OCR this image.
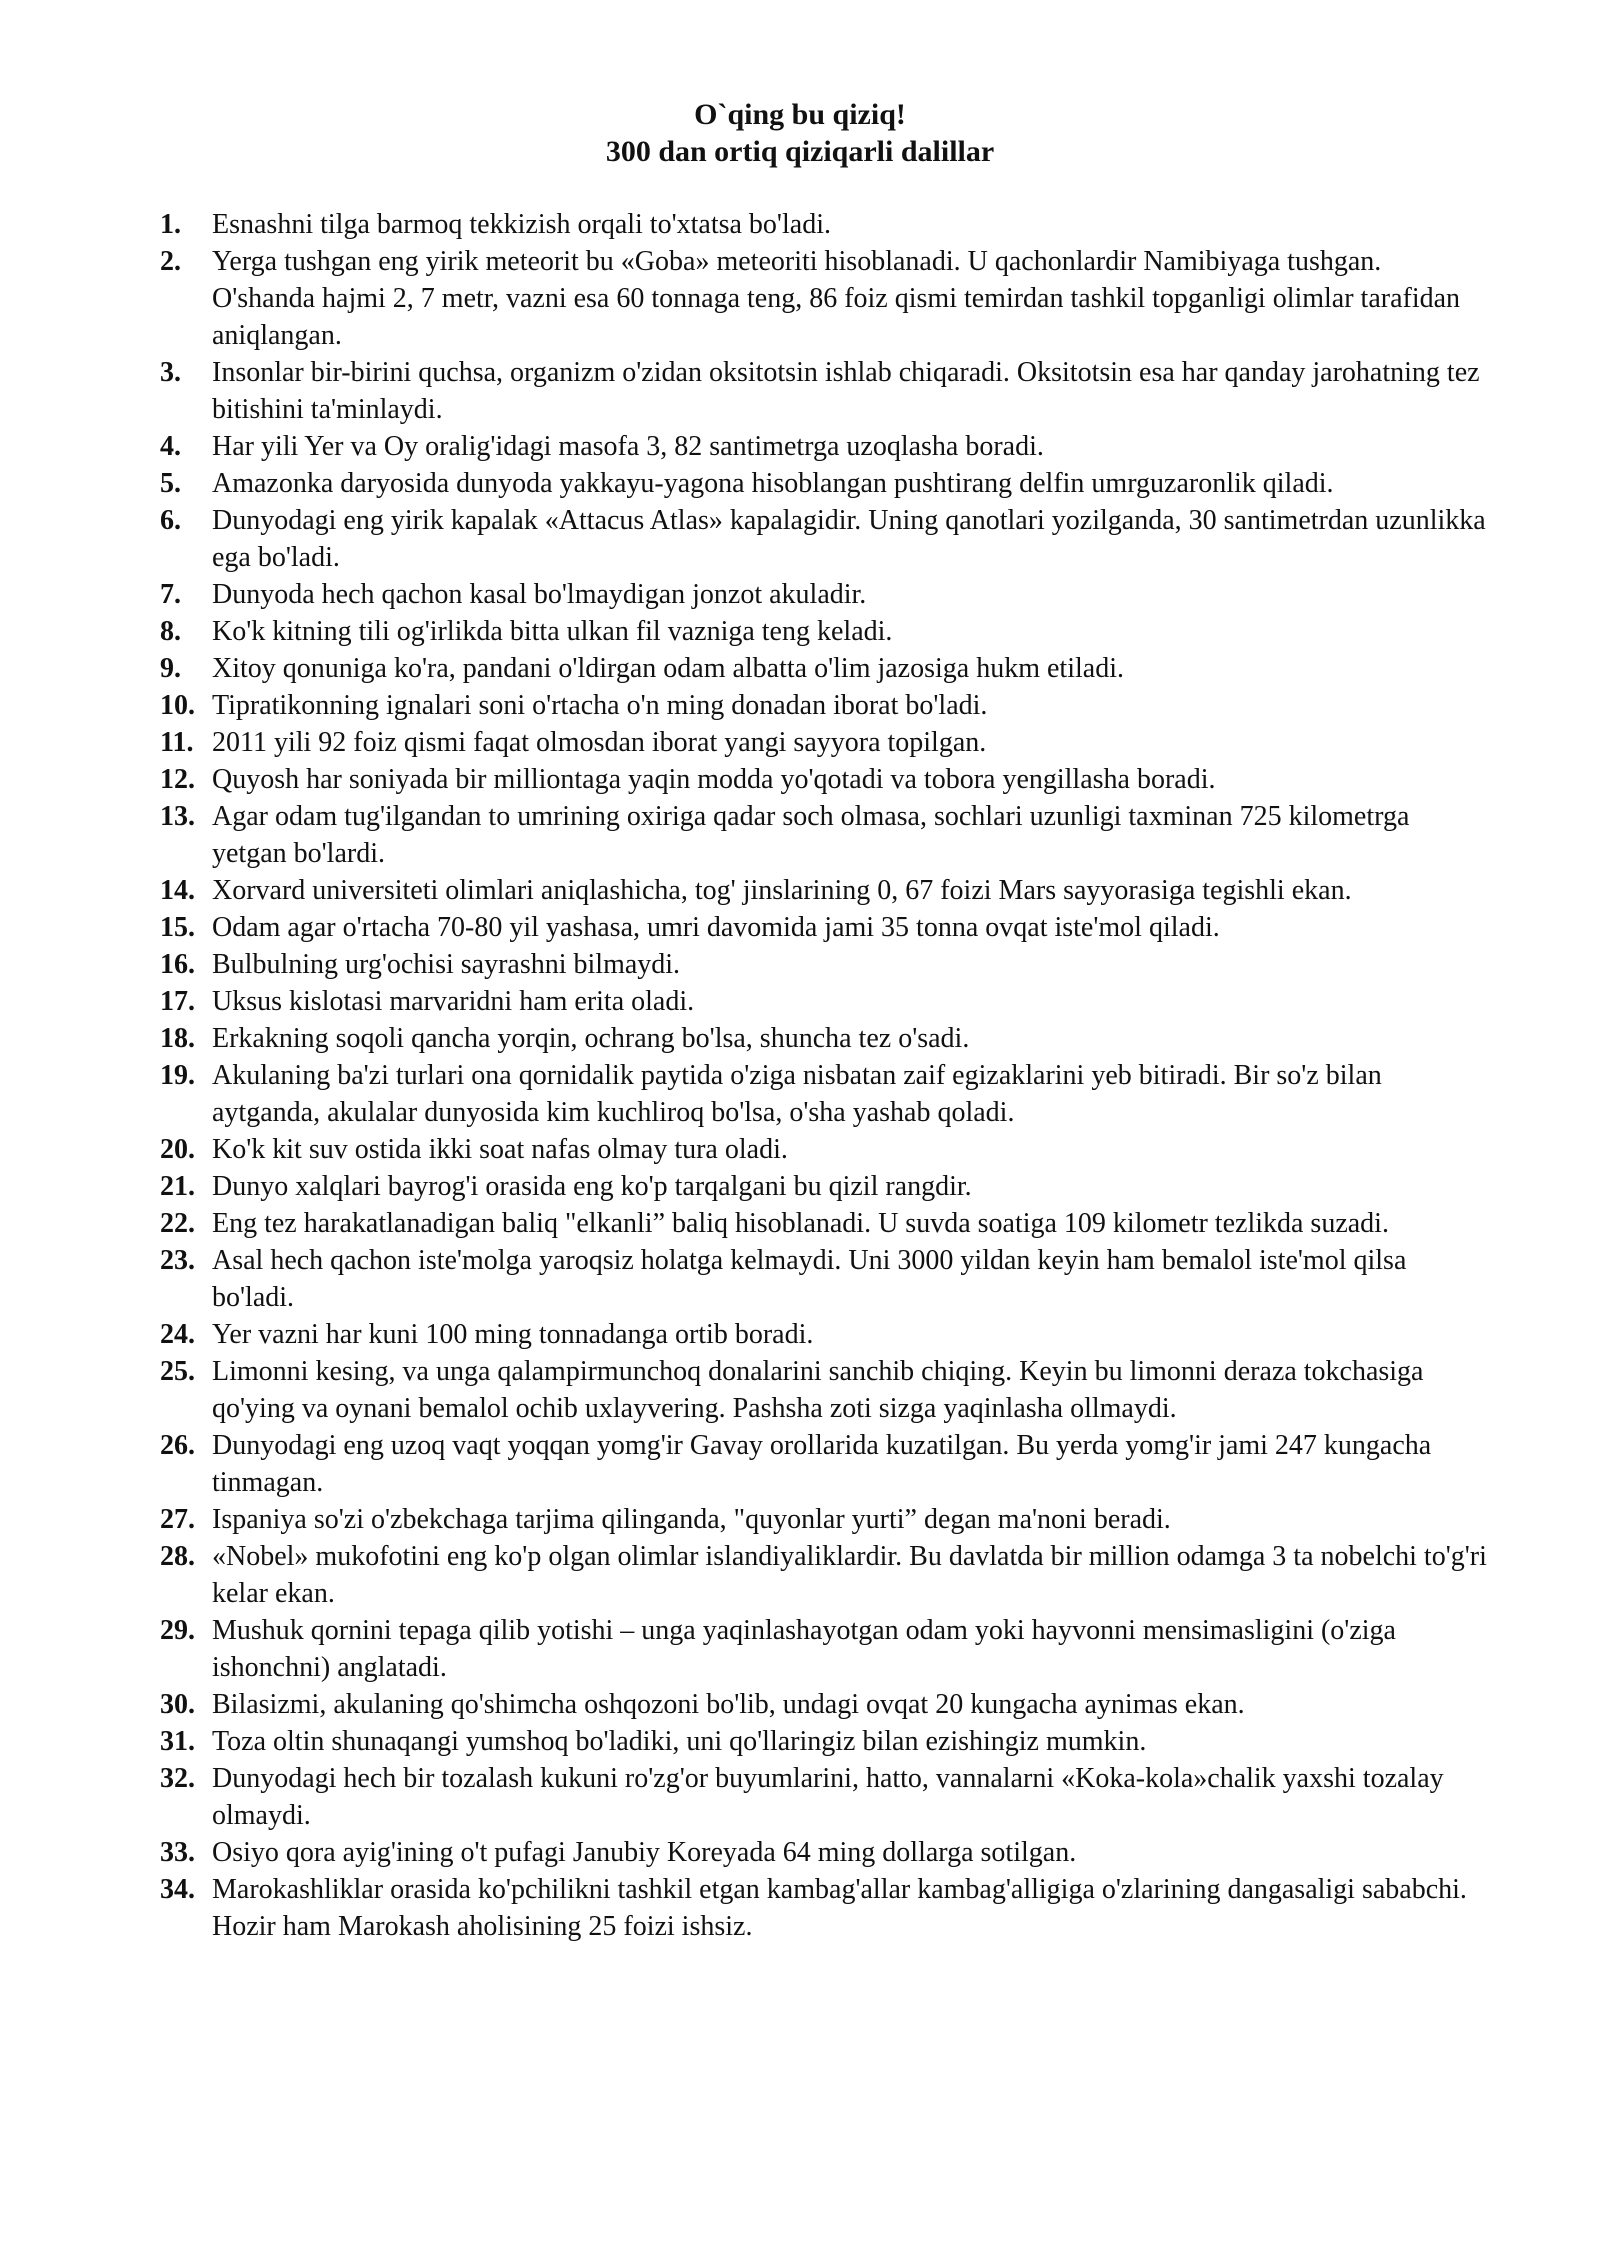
O`qing bu qiziq!

300 dan ortiq qiziqarli dalillar

1. Esnashni tilga barmoq tekkizish orqali to'xtatsa bo'ladi.
2. Yerga tushgan eng yirik meteorit bu «Goba» meteoriti hisoblanadi. U qachonlardir Namibiyaga tushgan. O'shanda hajmi 2, 7 metr, vazni esa 60 tonnaga teng, 86 foiz qismi temirdan tashkil topganligi olimlar tarafidan aniqlangan.
3. Insonlar bir-birini quchsa, organizm o'zidan oksitotsin ishlab chiqaradi. Oksitotsin esa har qanday jarohatning tez bitishini ta'minlaydi.
4. Har yili Yer va Oy oralig'idagi masofa 3, 82 santimetrga uzoqlasha boradi.
5. Amazonka daryosida dunyoda yakkayu-yagona hisoblangan pushtirang delfin umrguzaronlik qiladi.
6. Dunyodagi eng yirik kapalak «Attacus Atlas» kapalagidir. Uning qanotlari yozilganda, 30 santimetrdan uzunlikka ega bo'ladi.
7. Dunyoda hech qachon kasal bo'lmaydigan jonzot akuladir.
8. Ko'k kitning tili og'irlikda bitta ulkan fil vazniga teng keladi.
9. Xitoy qonuniga ko'ra, pandani o'ldirgan odam albatta o'lim jazosiga hukm etiladi.
10. Tipratikonning ignalari soni o'rtacha o'n ming donadan iborat bo'ladi.
11. 2011 yili 92 foiz qismi faqat olmosdan iborat yangi sayyora topilgan.
12. Quyosh har soniyada bir milliontaga yaqin modda yo'qotadi va tobora yengillasha boradi.
13. Agar odam tug'ilgandan to umrining oxiriga qadar soch olmasa, sochlari uzunligi taxminan 725 kilometrga yetgan bo'lardi.
14. Xorvard universiteti olimlari aniqlashicha, tog' jinslarining 0, 67 foizi Mars sayyorasiga tegishli ekan.
15. Odam agar o'rtacha 70-80 yil yashasa, umri davomida jami 35 tonna ovqat iste'mol qiladi.
16. Bulbulning urg'ochisi sayrashni bilmaydi.
17. Uksus kislotasi marvaridni ham erita oladi.
18. Erkakning soqoli qancha yorqin, ochrang bo'lsa, shuncha tez o'sadi.
19. Akulaning ba'zi turlari ona qornidalik paytida o'ziga nisbatan zaif egizaklarini yeb bitiradi. Bir so'z bilan aytganda, akulalar dunyosida kim kuchliroq bo'lsa, o'sha yashab qoladi.
20. Ko'k kit suv ostida ikki soat nafas olmay tura oladi.
21. Dunyo xalqlari bayrog'i orasida eng ko'p tarqalgani bu qizil rangdir.
22. Eng tez harakatlanadigan baliq "elkanli” baliq hisoblanadi. U suvda soatiga 109 kilometr tezlikda suzadi.
23. Asal hech qachon iste'molga yaroqsiz holatga kelmaydi. Uni 3000 yildan keyin ham bemalol iste'mol qilsa bo'ladi.
24. Yer vazni har kuni 100 ming tonnadanga ortib boradi.
25. Limonni kesing, va unga qalampirmunchoq donalarini sanchib chiqing. Keyin bu limonni deraza tokchasiga qo'ying va oynani bemalol ochib uxlayvering. Pashsha zoti sizga yaqinlasha ollmaydi.
26. Dunyodagi eng uzoq vaqt yoqqan yomg'ir Gavay orollarida kuzatilgan. Bu yerda yomg'ir jami 247 kungacha tinmagan.
27. Ispaniya so'zi o'zbekchaga tarjima qilinganda, "quyonlar yurti” degan ma'noni beradi.
28. «Nobel» mukofotini eng ko'p olgan olimlar islandiyaliklardir. Bu davlatda bir million odamga 3 ta nobelchi to'g'ri kelar ekan.
29. Mushuk qornini tepaga qilib yotishi – unga yaqinlashayotgan odam yoki hayvonni mensimasligini (o'ziga ishonchni) anglatadi.
30. Bilasizmi, akulaning qo'shimcha oshqozoni bo'lib, undagi ovqat 20 kungacha aynimas ekan.
31. Toza oltin shunaqangi yumshoq bo'ladiki, uni qo'llaringiz bilan ezishingiz mumkin.
32. Dunyodagi hech bir tozalash kukuni ro'zg'or buyumlarini, hatto, vannalarni «Koka-kola»chalik yaxshi tozalay olmaydi.
33. Osiyo qora ayig'ining o't pufagi Janubiy Koreyada 64 ming dollarga sotilgan.
34. Marokashliklar orasida ko'pchilikni tashkil etgan kambag'allar kambag'alligiga o'zlarining dangasaligi sababchi. Hozir ham Marokash aholisining 25 foizi ishsiz.
